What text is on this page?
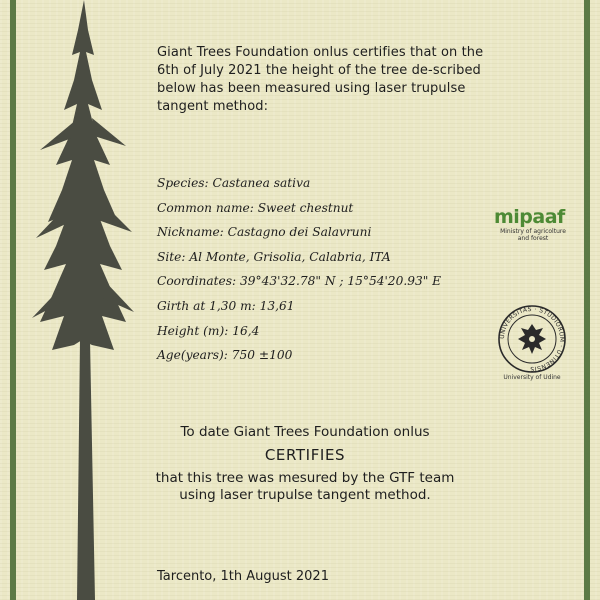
Giant Trees Foundation onlus certifies that on the 6th of July 2021 the height of the tree de-scribed below has been measured using laser trupulse tangent method:
Species: Castanea sativa
Common name: Sweet chestnut
Nickname: Castagno dei Salavruni
Site: Al Monte, Grisolia, Calabria, ITA
Coordinates: 39°43'32.78" N ; 15°54'20.93" E
Girth at 1,30 m: 13,61
Height (m): 16,4
Age(years): 750 ±100
mipaaf
Ministry of agricolture and forest
UNIVERSITAS · STUDIORUM · UTINENSIS
University of Udine
To date Giant Trees Foundation onlus
CERTIFIES
that this tree was mesured by the GTF team using laser trupulse tangent method.
Tarcento, 1th August 2021
